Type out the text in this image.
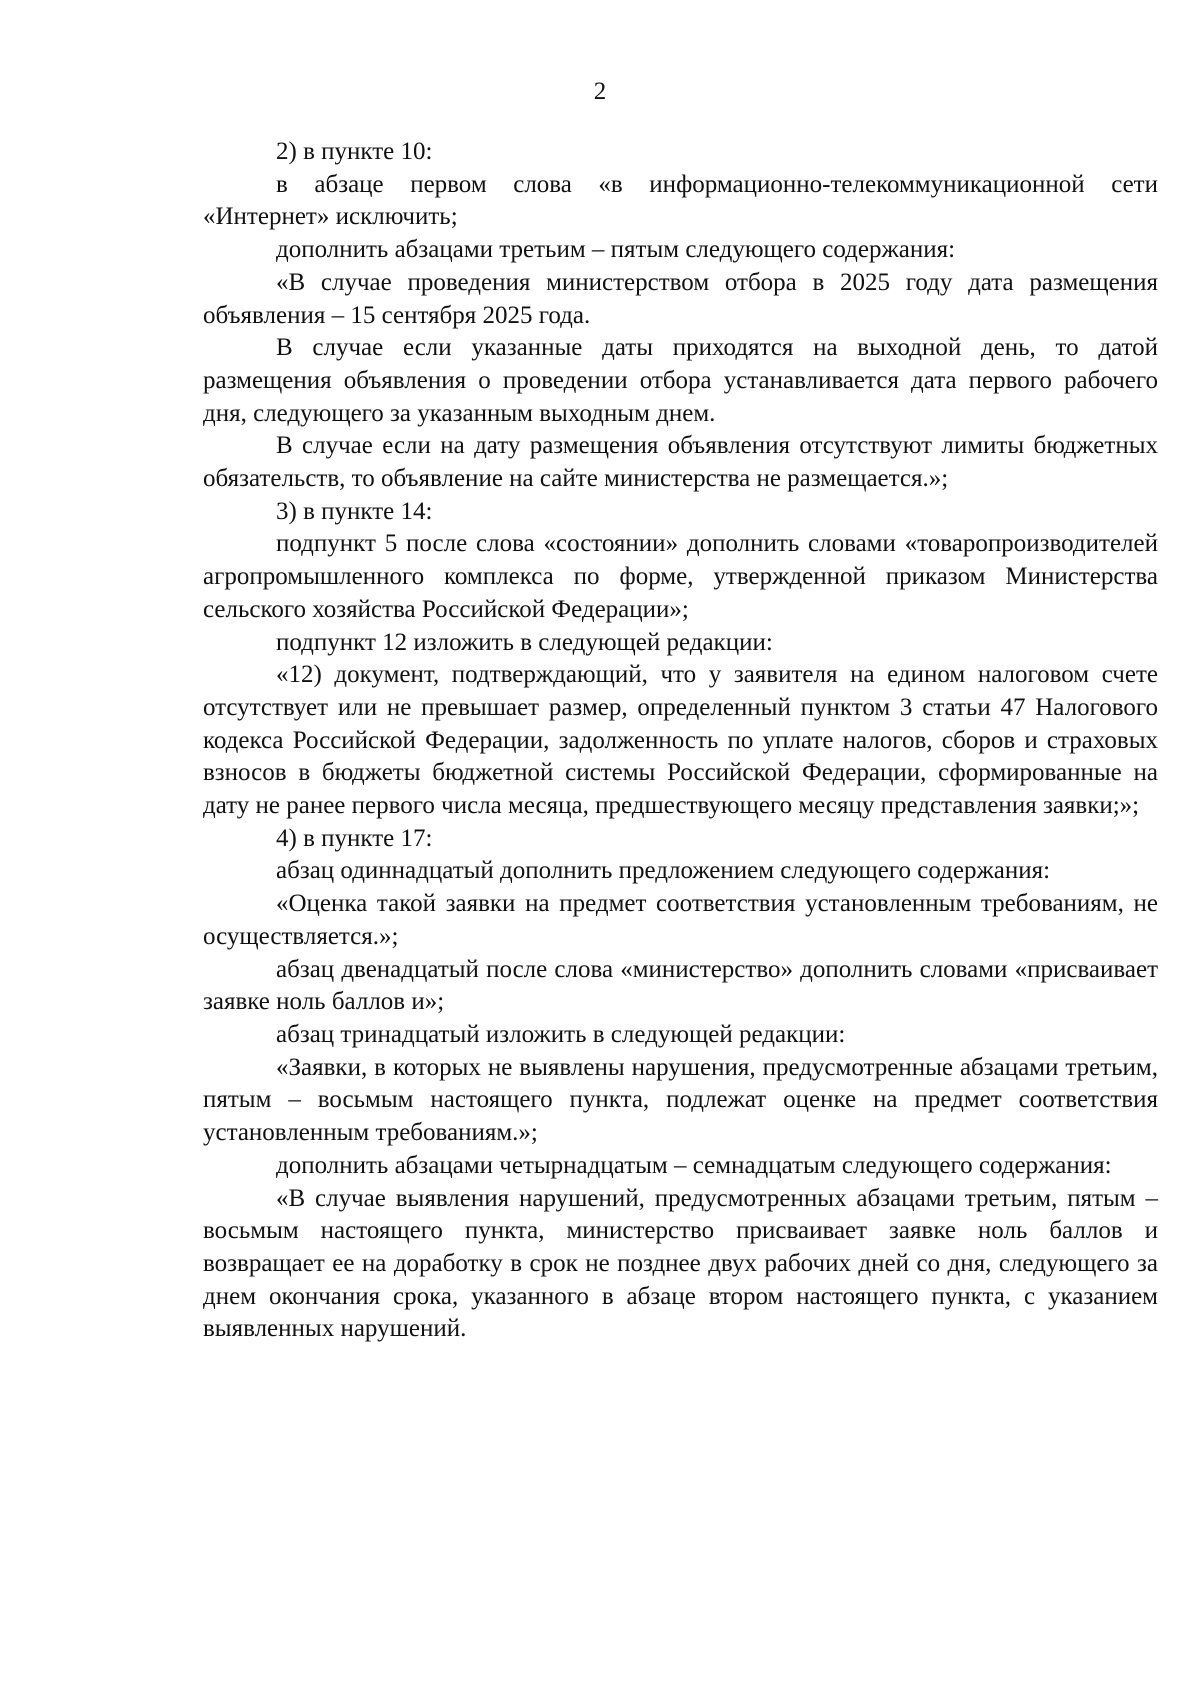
2

2) в пункте 10:

в абзаце первом слова «в информационно-телекоммуникационной сети «Интернет» исключить;

дополнить абзацами третьим – пятым следующего содержания:

«В случае проведения министерством отбора в 2025 году дата размещения объявления – 15 сентября 2025 года.

В случае если указанные даты приходятся на выходной день, то датой размещения объявления о проведении отбора устанавливается дата первого рабочего дня, следующего за указанным выходным днем.

В случае если на дату размещения объявления отсутствуют лимиты бюджетных обязательств, то объявление на сайте министерства не размещается.»;

3) в пункте 14:

подпункт 5 после слова «состоянии» дополнить словами «товаропроизводителей агропромышленного комплекса по форме, утвержденной приказом Министерства сельского хозяйства Российской Федерации»;

подпункт 12 изложить в следующей редакции:

«12) документ, подтверждающий, что у заявителя на едином налоговом счете отсутствует или не превышает размер, определенный пунктом 3 статьи 47 Налогового кодекса Российской Федерации, задолженность по уплате налогов, сборов и страховых взносов в бюджеты бюджетной системы Российской Федерации, сформированные на дату не ранее первого числа месяца, предшествующего месяцу представления заявки;»;

4) в пункте 17:

абзац одиннадцатый дополнить предложением следующего содержания:

«Оценка такой заявки на предмет соответствия установленным требованиям, не осуществляется.»;

абзац двенадцатый после слова «министерство» дополнить словами «присваивает заявке ноль баллов и»;

абзац тринадцатый изложить в следующей редакции:

«Заявки, в которых не выявлены нарушения, предусмотренные абзацами третьим, пятым – восьмым настоящего пункта, подлежат оценке на предмет соответствия установленным требованиям.»;

дополнить абзацами четырнадцатым – семнадцатым следующего содержания:

«В случае выявления нарушений, предусмотренных абзацами третьим, пятым – восьмым настоящего пункта, министерство присваивает заявке ноль баллов и возвращает ее на доработку в срок не позднее двух рабочих дней со дня, следующего за днем окончания срока, указанного в абзаце втором настоящего пункта, с указанием выявленных нарушений.
